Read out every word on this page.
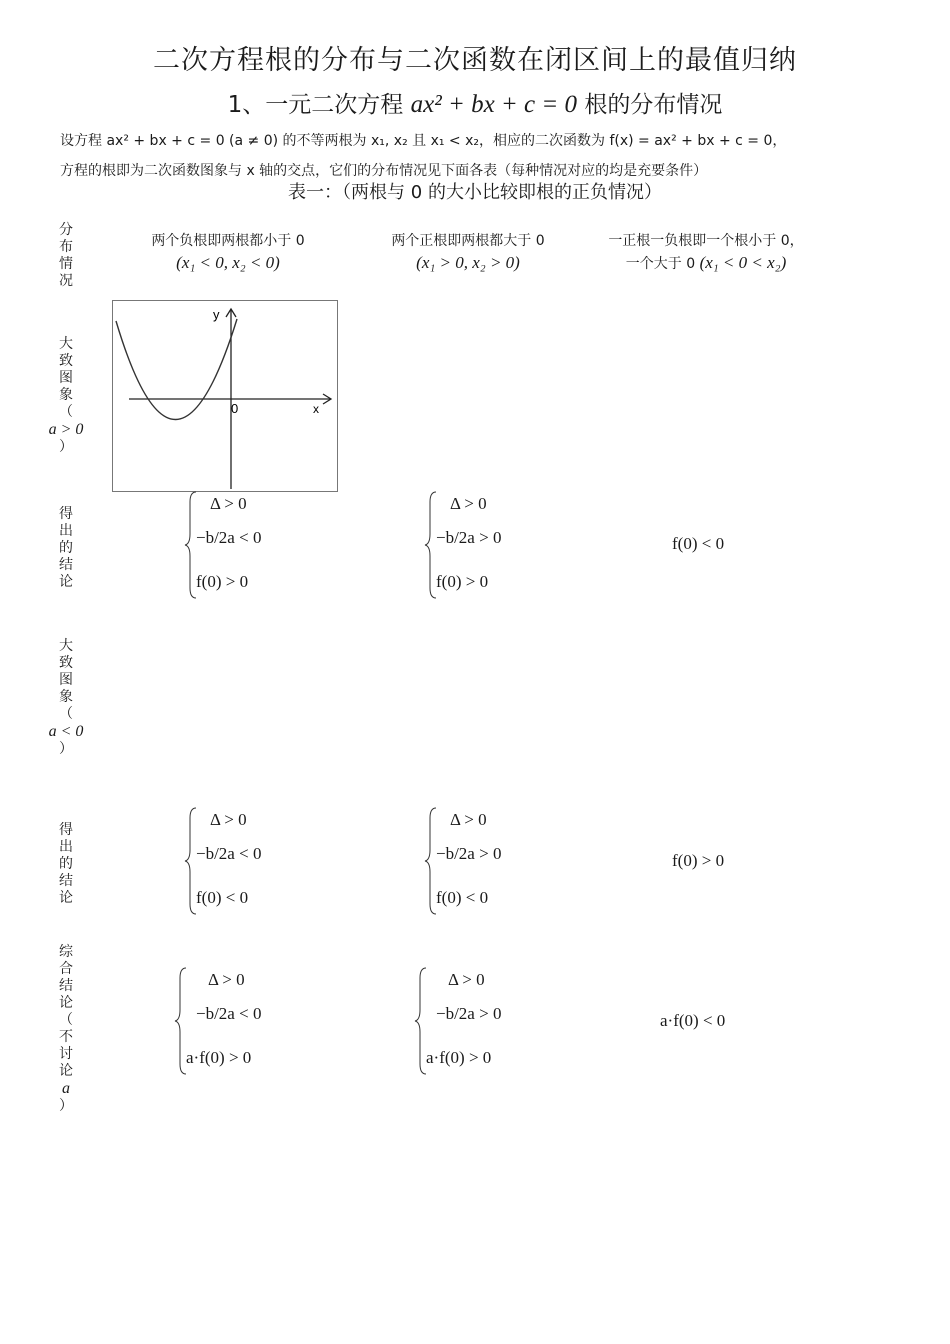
二次方程根的分布与二次函数在闭区间上的最值归纳
1、一元二次方程 ax² + bx + c = 0 根的分布情况
设方程 ax² + bx + c = 0 (a ≠ 0) 的不等两根为 x₁, x₂ 且 x₁ < x₂，相应的二次函数为 f(x) = ax² + bx + c = 0，
方程的根即为二次函数图象与 x 轴的交点，它们的分布情况见下面各表（每种情况对应的均是充要条件）
表一：（两根与 0 的大小比较即根的正负情况）
分
布
情
况
大
致
图
象
（
a > 0
）
得
出
的
结
论
大
致
图
象
（
a < 0
）
得
出
的
结
论
综
合
结
论
（
不
讨
论
a
）
两个负根即两根都小于 0
(x₁ < 0, x₂ < 0)
两个正根即两根都大于 0
(x₁ > 0, x₂ > 0)
一正根一负根即一个根小于 0，
一个大于 0 (x₁ < 0 < x₂)
y
x
0
Δ > 0
−b/2a < 0
f(0) > 0
Δ > 0
−b/2a > 0
f(0) > 0
f(0) < 0
Δ > 0
−b/2a < 0
f(0) < 0
Δ > 0
−b/2a > 0
f(0) < 0
f(0) > 0
Δ > 0
−b/2a < 0
a·f(0) > 0
Δ > 0
−b/2a > 0
a·f(0) > 0
a·f(0) < 0
